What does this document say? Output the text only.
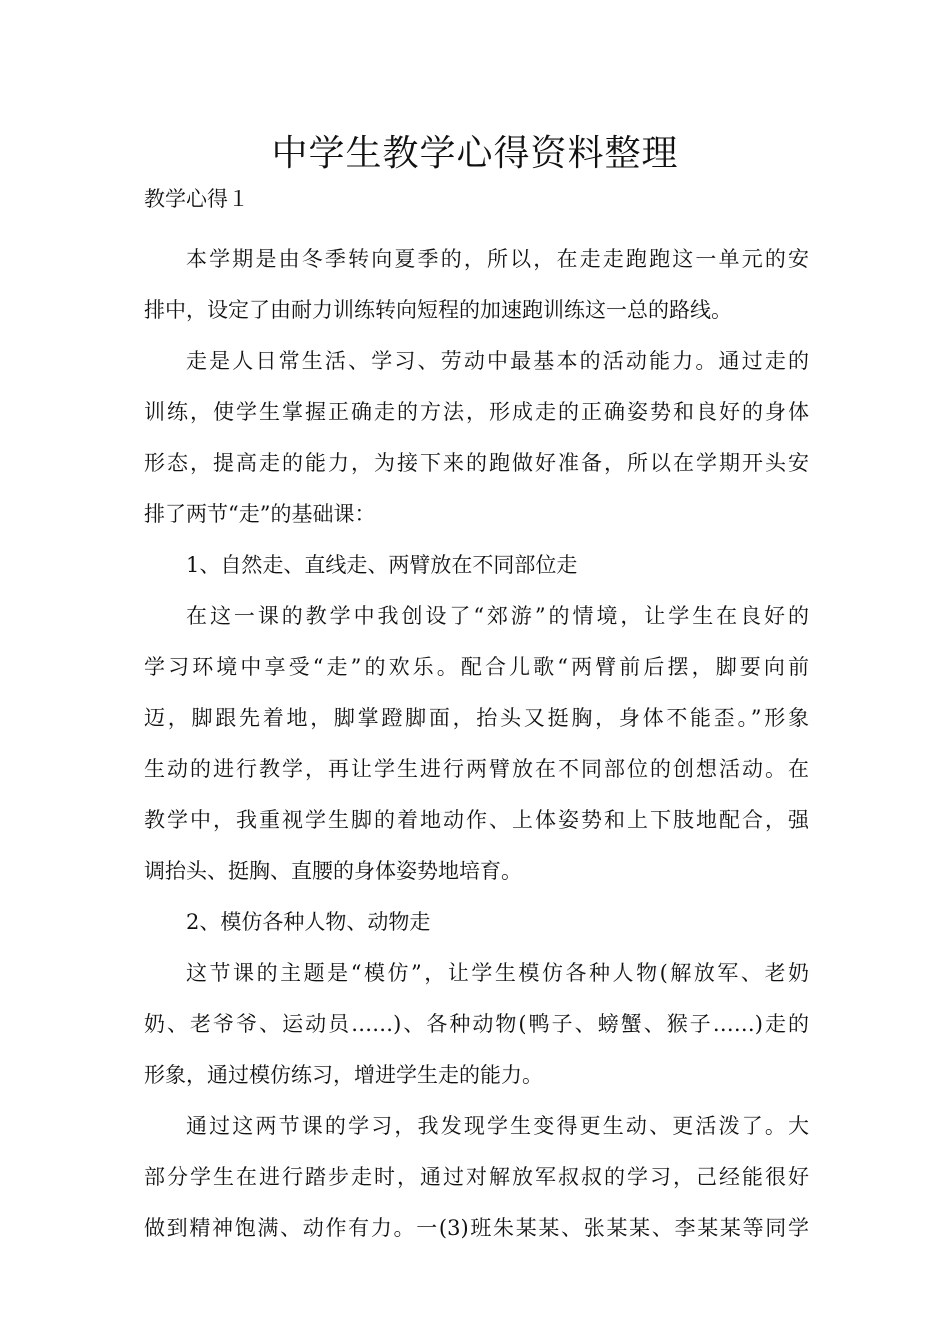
中学生教学心得资料整理
教学心得１
本学期是由冬季转向夏季的，所以，在走走跑跑这一单元的安
排中，设定了由耐力训练转向短程的加速跑训练这一总的路线。
走是人日常生活、学习、劳动中最基本的活动能力。通过走的
训练，使学生掌握正确走的方法，形成走的正确姿势和良好的身体
形态，提高走的能力，为接下来的跑做好准备，所以在学期开头安
排了两节“走”的基础课：
1、自然走、直线走、两臂放在不同部位走
在这一课的教学中我创设了“郊游”的情境，让学生在良好的
学习环境中享受“走”的欢乐。配合儿歌“两臂前后摆，脚要向前
迈，脚跟先着地，脚掌蹬脚面，抬头又挺胸，身体不能歪。”形象
生动的进行教学，再让学生进行两臂放在不同部位的创想活动。在
教学中，我重视学生脚的着地动作、上体姿势和上下肢地配合，强
调抬头、挺胸、直腰的身体姿势地培育。
2、模仿各种人物、动物走
这节课的主题是“模仿”，让学生模仿各种人物(解放军、老奶
奶、老爷爷、运动员……)、各种动物(鸭子、螃蟹、猴子……)走的
形象，通过模仿练习，增进学生走的能力。
通过这两节课的学习，我发现学生变得更生动、更活泼了。大
部分学生在进行踏步走时，通过对解放军叔叔的学习，己经能很好
做到精神饱满、动作有力。一(3)班朱某某、张某某、李某某等同学
